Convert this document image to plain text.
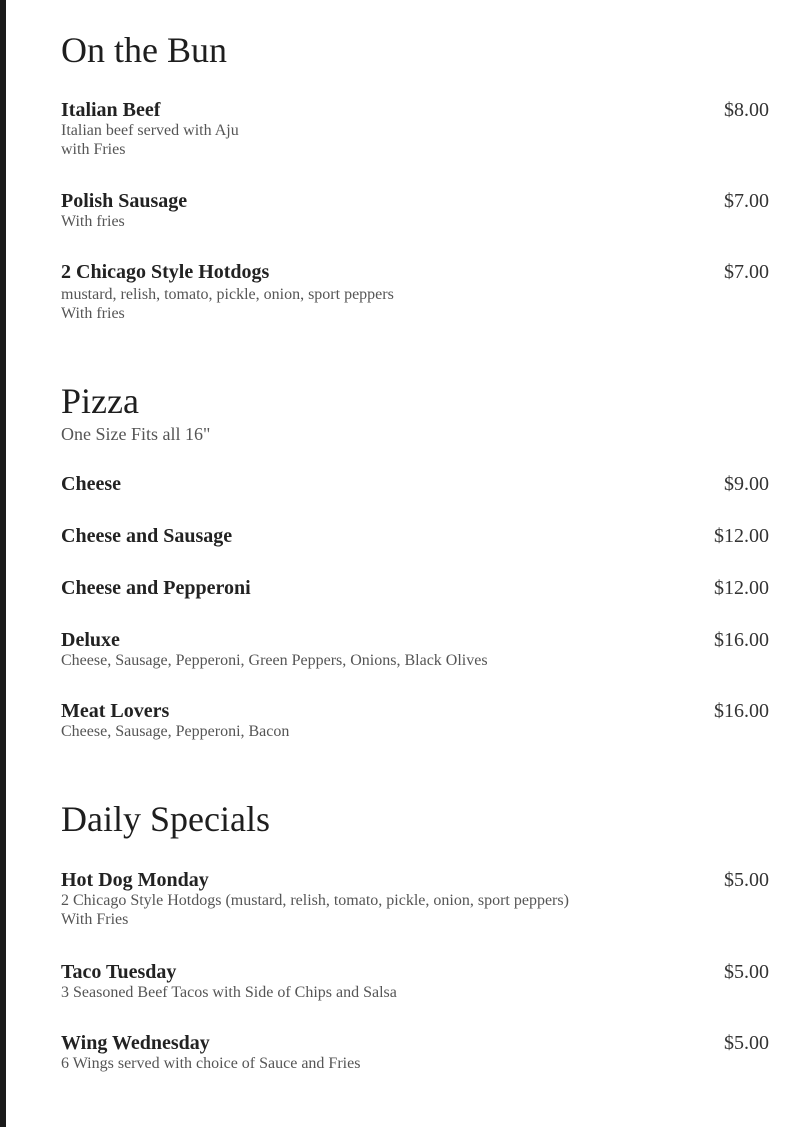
On the Bun
Italian Beef
Italian beef served with Aju
with Fries
$8.00
Polish Sausage
With fries
$7.00
2 Chicago Style Hotdogs
mustard, relish, tomato, pickle, onion, sport peppers
With fries
$7.00
Pizza
One Size Fits all 16"
Cheese	$9.00
Cheese and Sausage	$12.00
Cheese and Pepperoni	$12.00
Deluxe
Cheese, Sausage, Pepperoni, Green Peppers, Onions, Black Olives
$16.00
Meat Lovers
Cheese, Sausage, Pepperoni, Bacon
$16.00
Daily Specials
Hot Dog Monday
2 Chicago Style Hotdogs (mustard, relish, tomato, pickle, onion, sport peppers)
With Fries
$5.00
Taco Tuesday
3 Seasoned Beef Tacos with Side of Chips and Salsa
$5.00
Wing Wednesday
6 Wings served with choice of Sauce and Fries
$5.00
